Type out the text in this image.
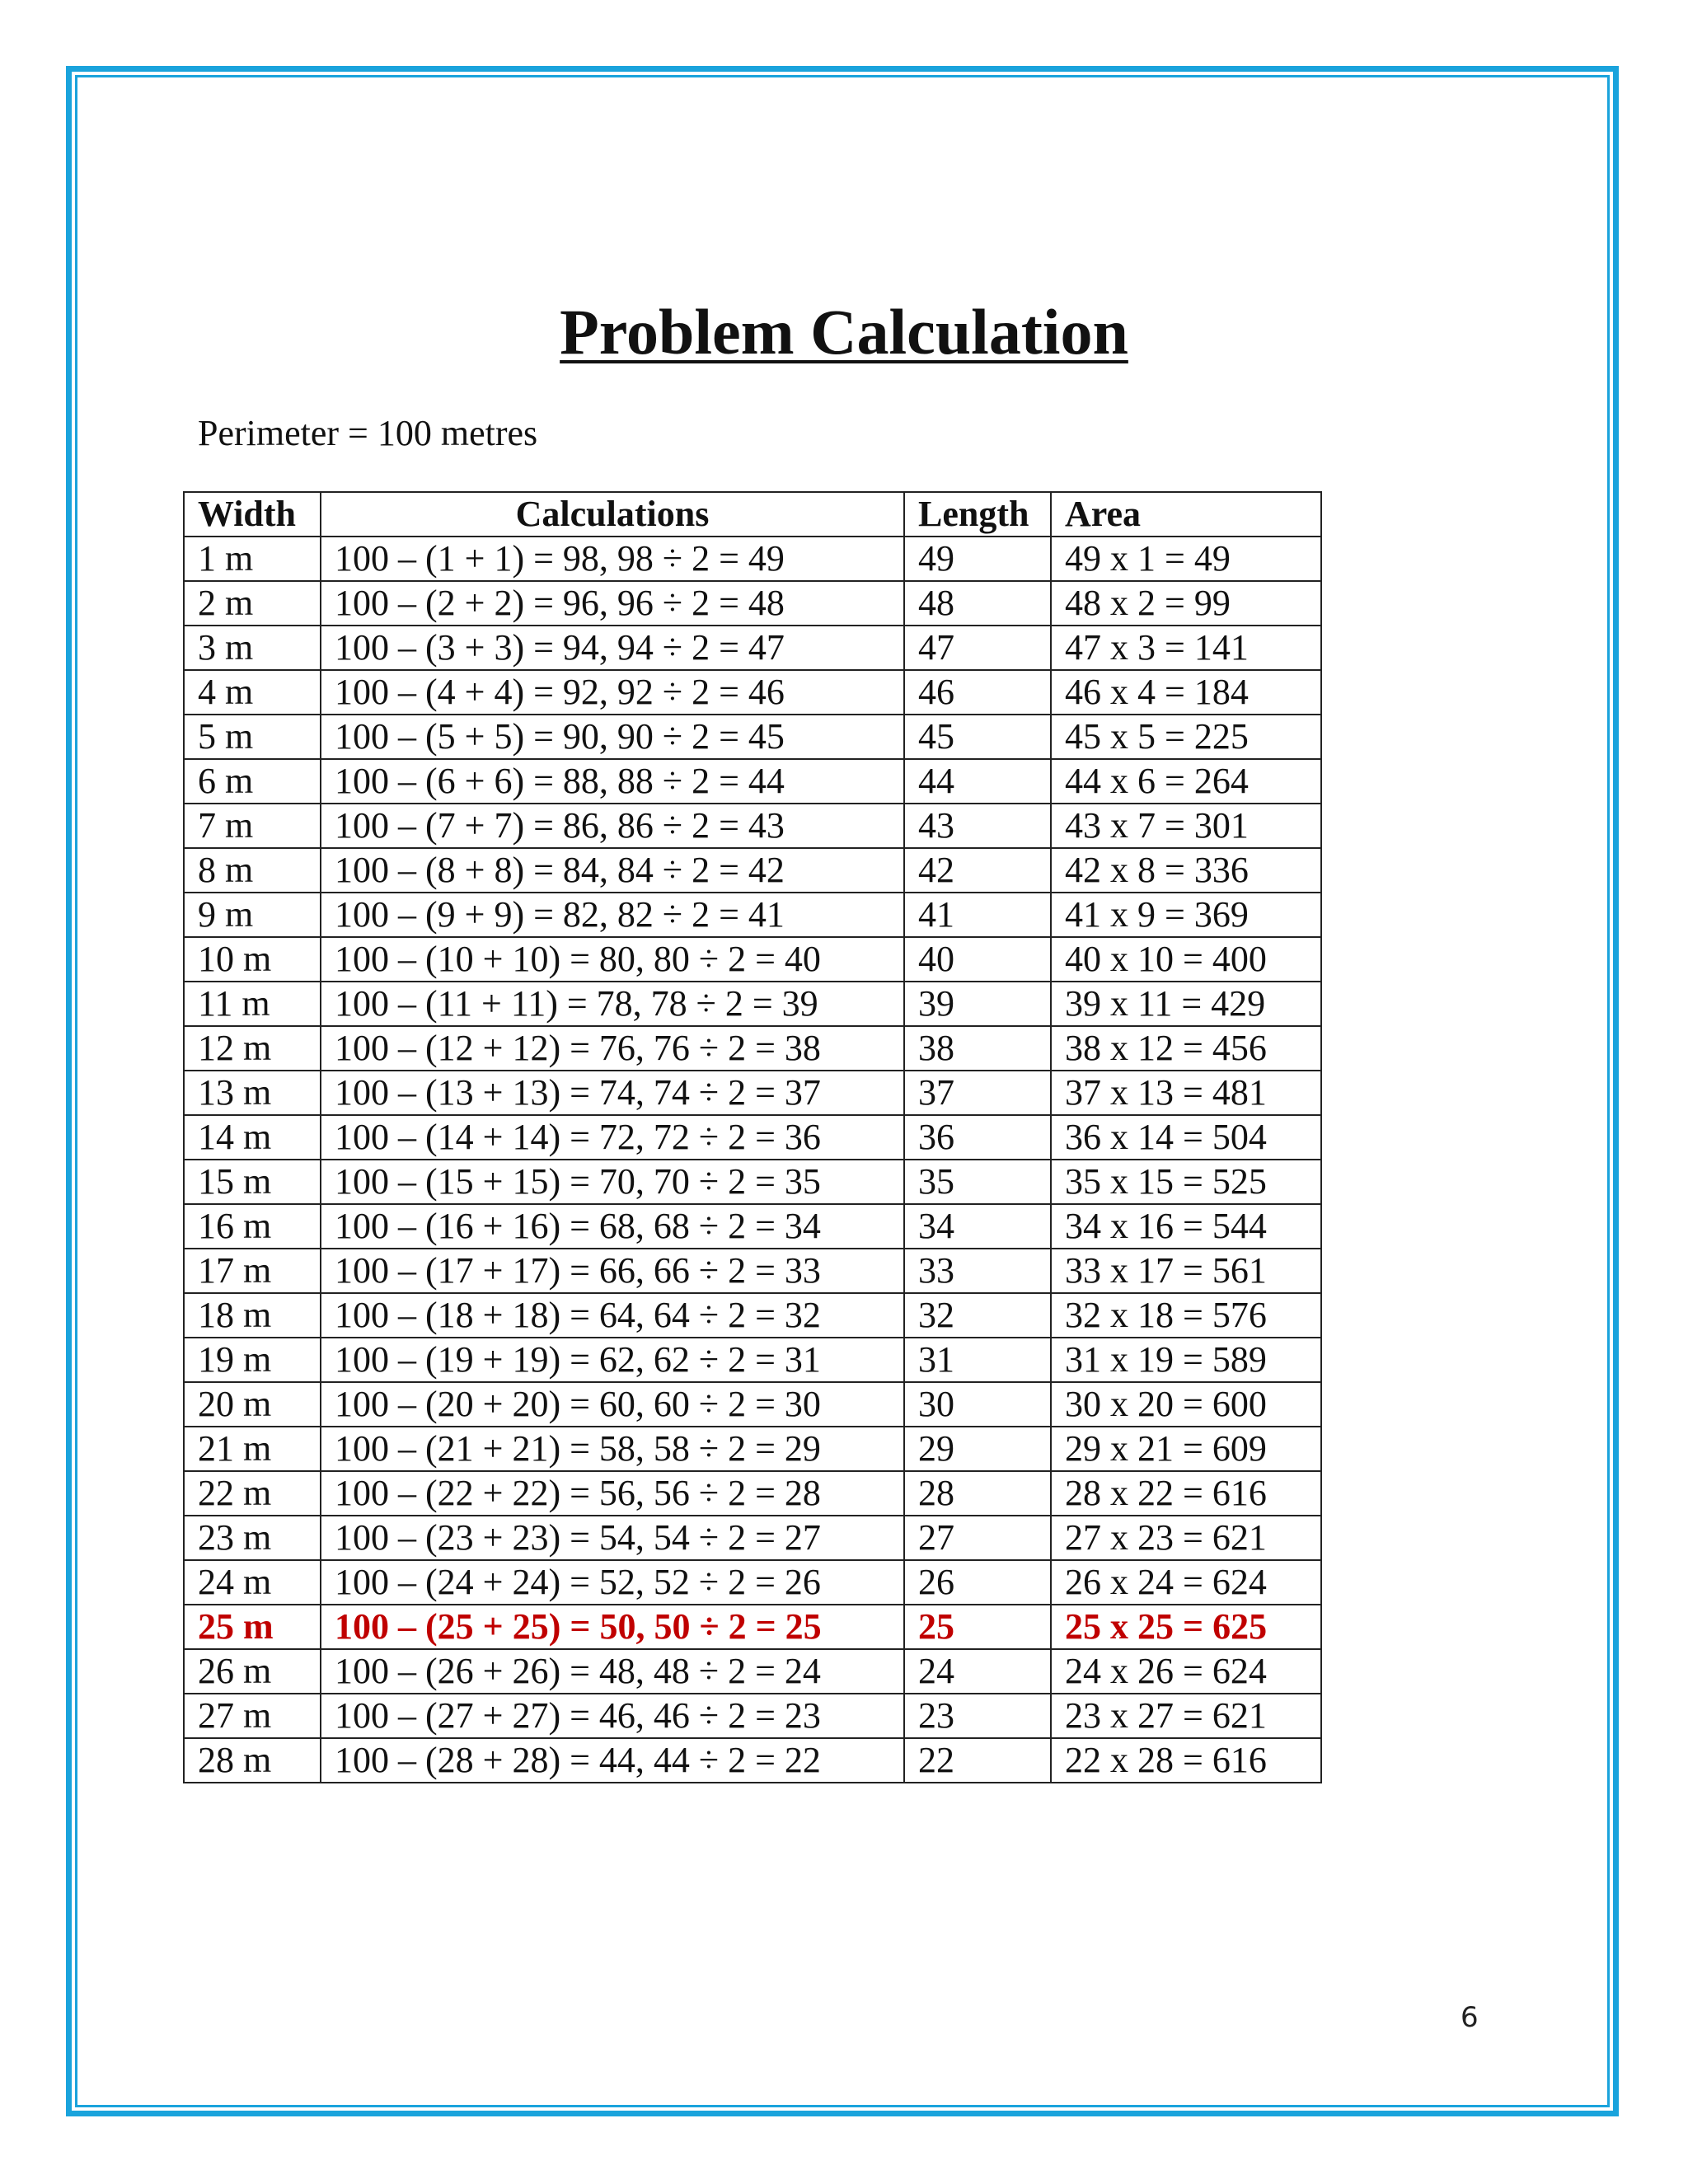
Problem Calculation
Perimeter = 100 metres
Width	Calculations	Length	Area
1 m	100 – (1 + 1) = 98, 98 ÷ 2 = 49	49	49 x 1 = 49
2 m	100 – (2 + 2) = 96, 96 ÷ 2 = 48	48	48 x 2 = 99
3 m	100 – (3 + 3) = 94, 94 ÷ 2 = 47	47	47 x 3 = 141
4 m	100 – (4 + 4) = 92, 92 ÷ 2 = 46	46	46 x 4 = 184
5 m	100 – (5 + 5) = 90, 90 ÷ 2 = 45	45	45 x 5 = 225
6 m	100 – (6 + 6) = 88, 88 ÷ 2 = 44	44	44 x 6 = 264
7 m	100 – (7 + 7) = 86, 86 ÷ 2 = 43	43	43 x 7 = 301
8 m	100 – (8 + 8) = 84, 84 ÷ 2 = 42	42	42 x 8 = 336
9 m	100 – (9 + 9) = 82, 82 ÷ 2 = 41	41	41 x 9 = 369
10 m	100 – (10 + 10) = 80, 80 ÷ 2 = 40	40	40 x 10 = 400
11 m	100 – (11 + 11) = 78, 78 ÷ 2 = 39	39	39 x 11 = 429
12 m	100 – (12 + 12) = 76, 76 ÷ 2 = 38	38	38 x 12 = 456
13 m	100 – (13 + 13) = 74, 74 ÷ 2 = 37	37	37 x 13 = 481
14 m	100 – (14 + 14) = 72, 72 ÷ 2 = 36	36	36 x 14 = 504
15 m	100 – (15 + 15) = 70, 70 ÷ 2 = 35	35	35 x 15 = 525
16 m	100 – (16 + 16) = 68, 68 ÷ 2 = 34	34	34 x 16 = 544
17 m	100 – (17 + 17) = 66, 66 ÷ 2 = 33	33	33 x 17 = 561
18 m	100 – (18 + 18) = 64, 64 ÷ 2 = 32	32	32 x 18 = 576
19 m	100 – (19 + 19) = 62, 62 ÷ 2 = 31	31	31 x 19 = 589
20 m	100 – (20 + 20) = 60, 60 ÷ 2 = 30	30	30 x 20 = 600
21 m	100 – (21 + 21) = 58, 58 ÷ 2 = 29	29	29 x 21 = 609
22 m	100 – (22 + 22) = 56, 56 ÷ 2 = 28	28	28 x 22 = 616
23 m	100 – (23 + 23) = 54, 54 ÷ 2 = 27	27	27 x 23 = 621
24 m	100 – (24 + 24) = 52, 52 ÷ 2 = 26	26	26 x 24 = 624
25 m	100 – (25 + 25) = 50, 50 ÷ 2 = 25	25	25 x 25 = 625
26 m	100 – (26 + 26) = 48, 48 ÷ 2 = 24	24	24 x 26 = 624
27 m	100 – (27 + 27) = 46, 46 ÷ 2 = 23	23	23 x 27 = 621
28 m	100 – (28 + 28) = 44, 44 ÷ 2 = 22	22	22 x 28 = 616
6
